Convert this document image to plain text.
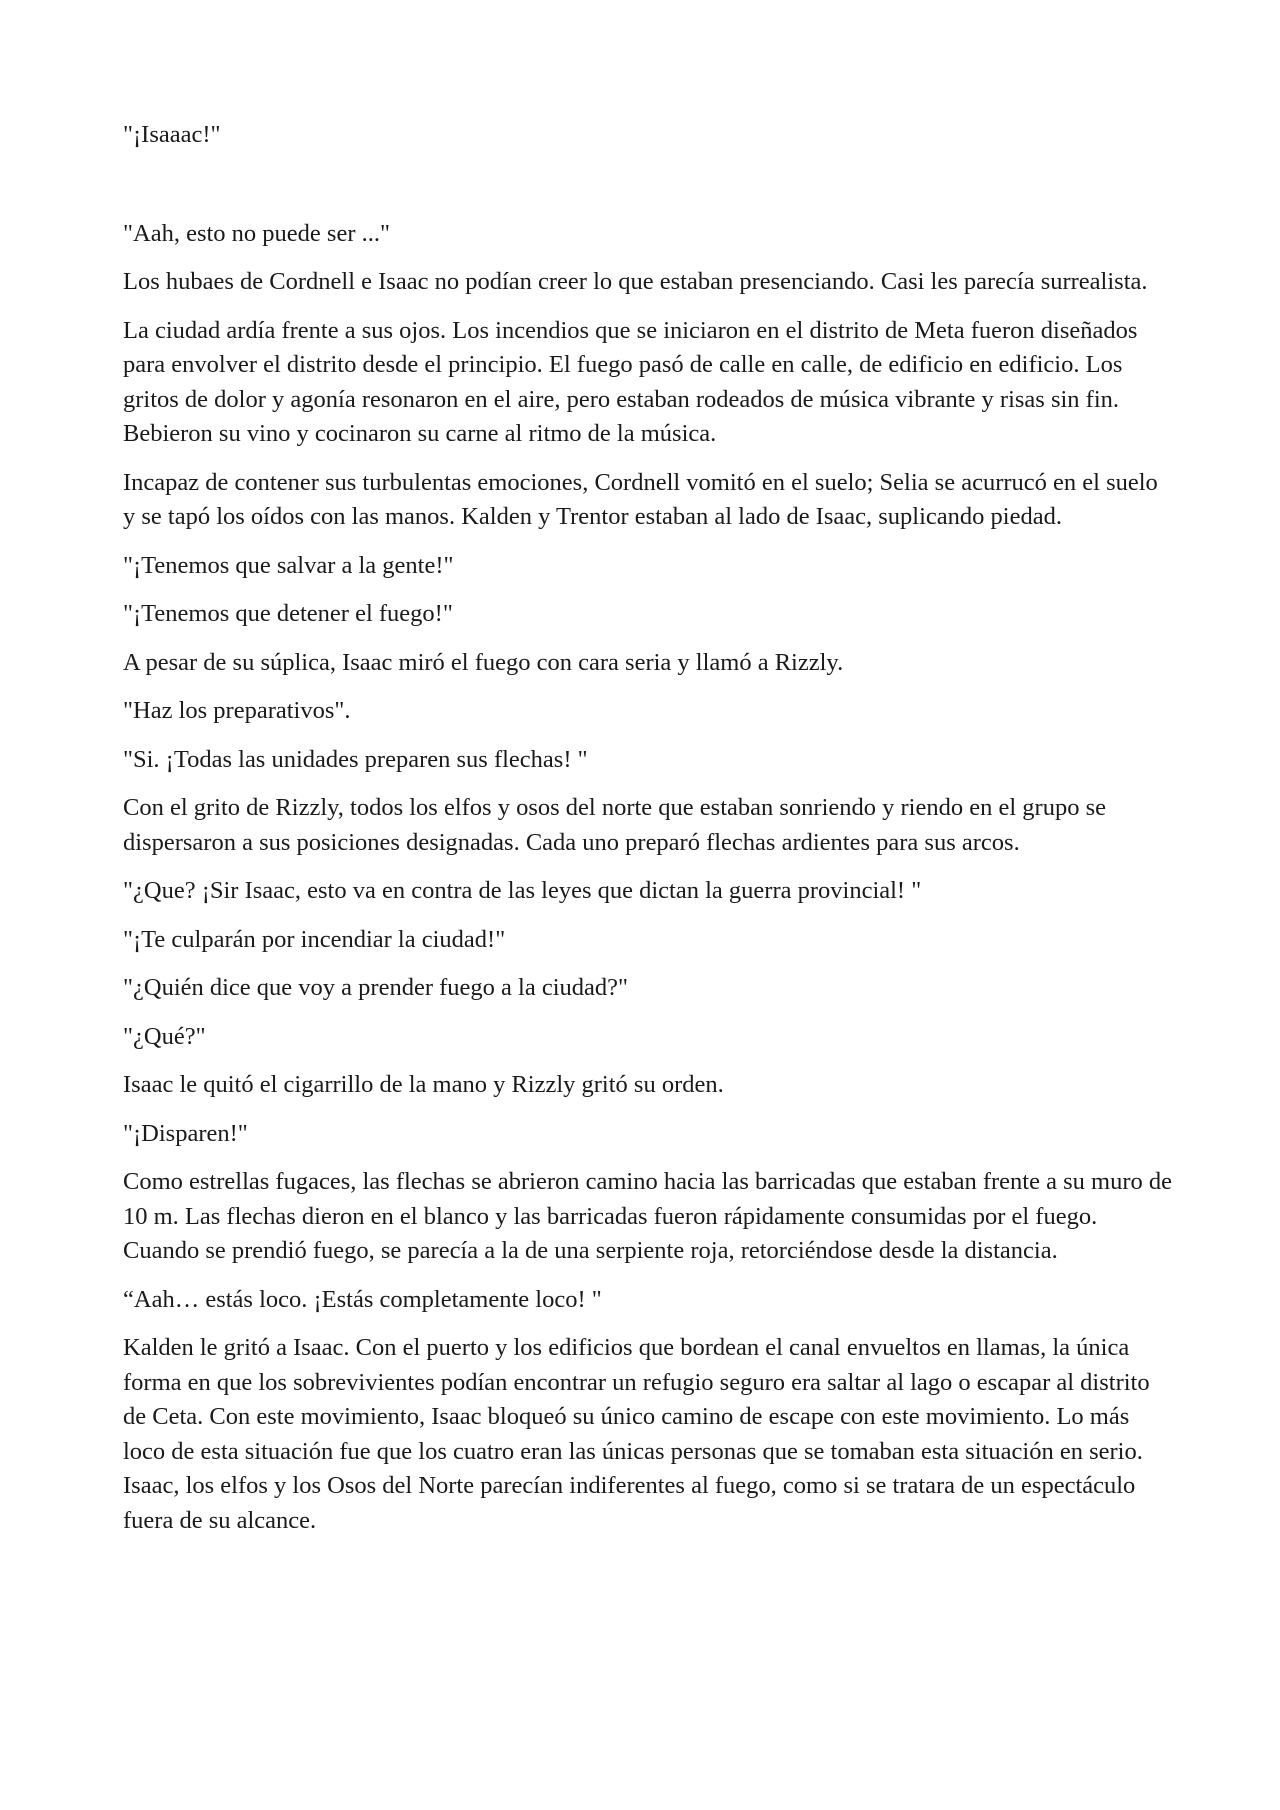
"¡Isaaac!"

"Aah, esto no puede ser ..."

Los hubaes de Cordnell e Isaac no podían creer lo que estaban presenciando. Casi les parecía surrealista.

La ciudad ardía frente a sus ojos. Los incendios que se iniciaron en el distrito de Meta fueron diseñados para envolver el distrito desde el principio. El fuego pasó de calle en calle, de edificio en edificio. Los gritos de dolor y agonía resonaron en el aire, pero estaban rodeados de música vibrante y risas sin fin. Bebieron su vino y cocinaron su carne al ritmo de la música.

Incapaz de contener sus turbulentas emociones, Cordnell vomitó en el suelo; Selia se acurrucó en el suelo y se tapó los oídos con las manos. Kalden y Trentor estaban al lado de Isaac, suplicando piedad.

"¡Tenemos que salvar a la gente!"

"¡Tenemos que detener el fuego!"

A pesar de su súplica, Isaac miró el fuego con cara seria y llamó a Rizzly.

"Haz los preparativos".

"Si. ¡Todas las unidades preparen sus flechas! "

Con el grito de Rizzly, todos los elfos y osos del norte que estaban sonriendo y riendo en el grupo se dispersaron a sus posiciones designadas. Cada uno preparó flechas ardientes para sus arcos.

"¿Que? ¡Sir Isaac, esto va en contra de las leyes que dictan la guerra provincial! "

"¡Te culparán por incendiar la ciudad!"

"¿Quién dice que voy a prender fuego a la ciudad?"

"¿Qué?"

Isaac le quitó el cigarrillo de la mano y Rizzly gritó su orden.

"¡Disparen!"

Como estrellas fugaces, las flechas se abrieron camino hacia las barricadas que estaban frente a su muro de 10 m. Las flechas dieron en el blanco y las barricadas fueron rápidamente consumidas por el fuego. Cuando se prendió fuego, se parecía a la de una serpiente roja, retorciéndose desde la distancia.

“Aah… estás loco. ¡Estás completamente loco! "

Kalden le gritó a Isaac. Con el puerto y los edificios que bordean el canal envueltos en llamas, la única forma en que los sobrevivientes podían encontrar un refugio seguro era saltar al lago o escapar al distrito de Ceta. Con este movimiento, Isaac bloqueó su único camino de escape con este movimiento. Lo más loco de esta situación fue que los cuatro eran las únicas personas que se tomaban esta situación en serio. Isaac, los elfos y los Osos del Norte parecían indiferentes al fuego, como si se tratara de un espectáculo fuera de su alcance.
